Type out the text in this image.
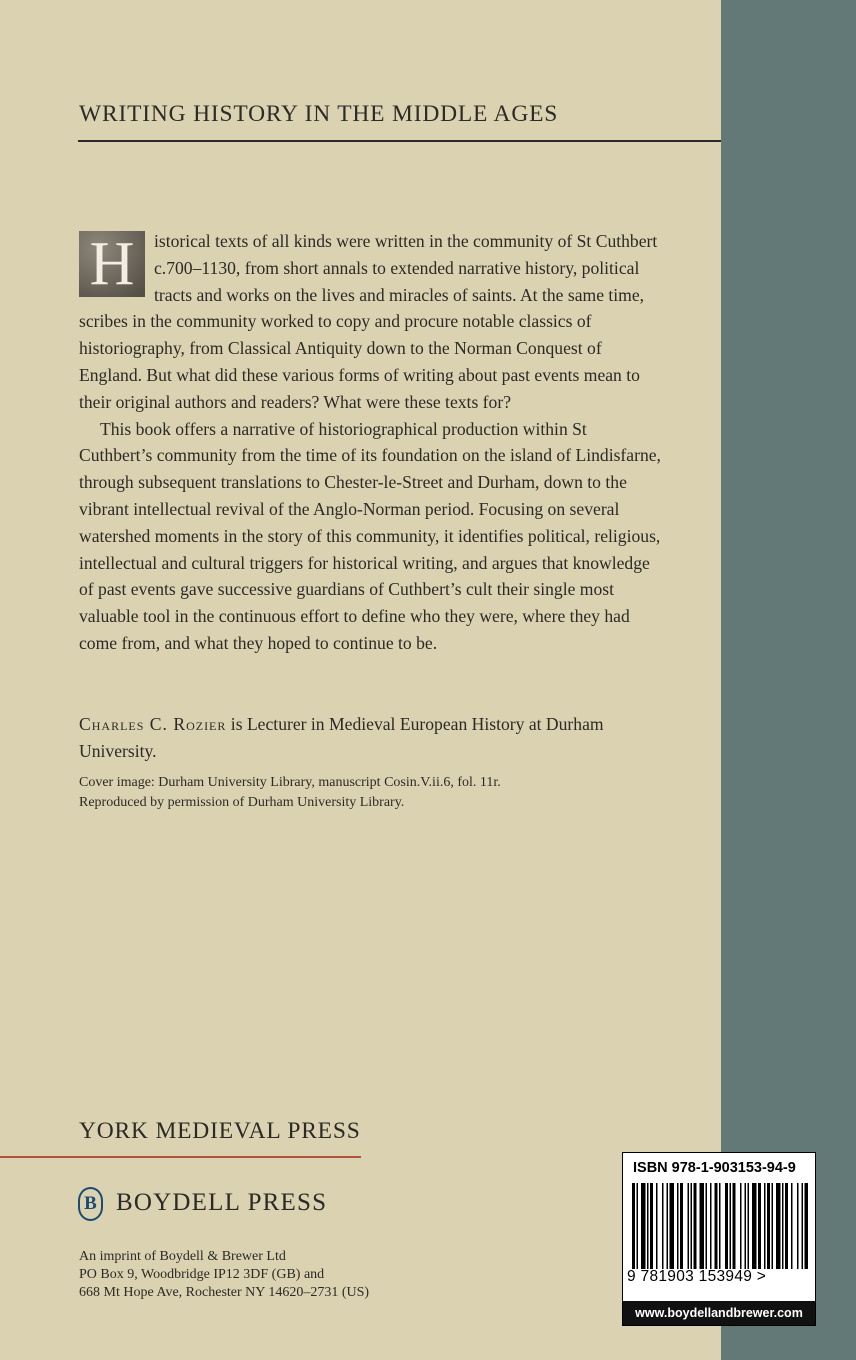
WRITING HISTORY IN THE MIDDLE AGES

H	istorical texts of all kinds were written in the community of St Cuthbert c.700–1130, from short annals to extended narrative history, political tracts and works on the lives and miracles of saints. At the same time, scribes in the community worked to copy and procure notable classics of historiography, from Classical Antiquity down to the Norman Conquest of England. But what did these various forms of writing about past events mean to their original authors and readers? What were these texts for?

This book offers a narrative of historiographical production within St Cuthbert’s community from the time of its foundation on the island of Lindisfarne, through subsequent translations to Chester-le-Street and Durham, down to the vibrant intellectual revival of the Anglo-Norman period. Focusing on several watershed moments in the story of this community, it identifies political, religious, intellectual and cultural triggers for historical writing, and argues that knowledge of past events gave successive guardians of Cuthbert’s cult their single most valuable tool in the continuous effort to define who they were, where they had come from, and what they hoped to continue to be.

Charles C. Rozier is Lecturer in Medieval European History at Durham University.
Cover image: Durham University Library, manuscript Cosin.V.ii.6, fol. 11r.
Reproduced by permission of Durham University Library.
YORK MEDIEVAL PRESS
B BOYDELL PRESS
An imprint of Boydell & Brewer Ltd
PO Box 9, Woodbridge IP12 3DF (GB) and
668 Mt Hope Ave, Rochester NY 14620–2731 (US)
ISBN 978-1-903153-94-9
9 781903 153949 >
www.boydellandbrewer.com
